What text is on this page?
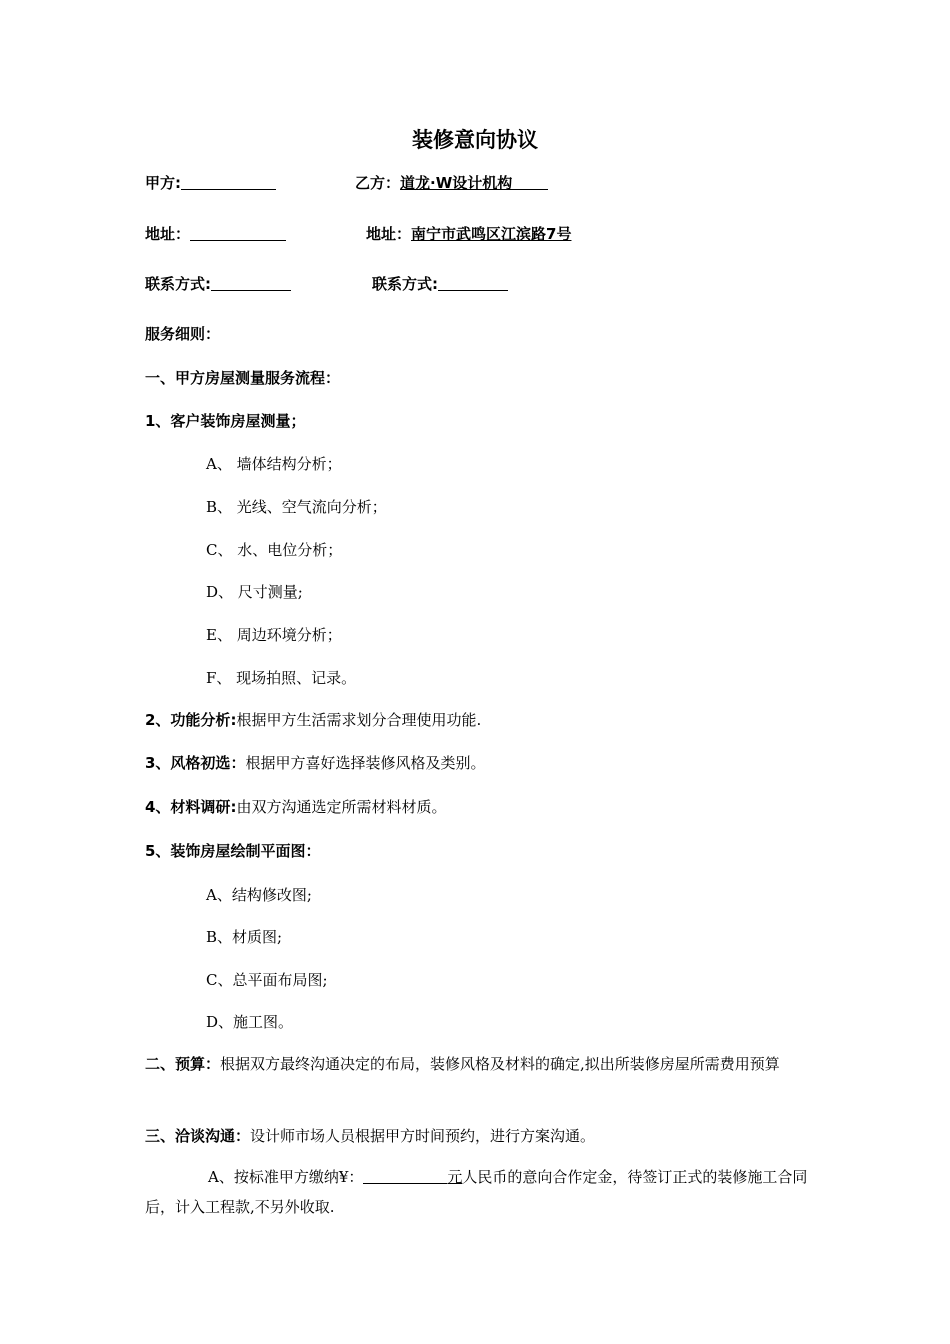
装修意向协议
甲方:	乙方：道龙·W设计机构
地址：	地址：南宁市武鸣区江滨路7号
联系方式:	联系方式:
服务细则：
一、甲方房屋测量服务流程：
1、客户装饰房屋测量；
A、 墙体结构分析；
B、 光线、空气流向分析；
C、 水、电位分析；
D、 尺寸测量;
E、 周边环境分析；
F、 现场拍照、记录。
2、功能分析:根据甲方生活需求划分合理使用功能.
3、风格初选：根据甲方喜好选择装修风格及类别。
4、材料调研:由双方沟通选定所需材料材质。
5、装饰房屋绘制平面图：
A、结构修改图;
B、材质图;
C、总平面布局图;
D、施工图。
二、预算：根据双方最终沟通决定的布局，装修风格及材料的确定,拟出所装修房屋所需费用预算
三、洽谈沟通：设计师市场人员根据甲方时间预约，进行方案沟通。
A、按标准甲方缴纳¥：	元人民币的意向合作定金，待签订正式的装修施工合同后，计入工程款,不另外收取.
